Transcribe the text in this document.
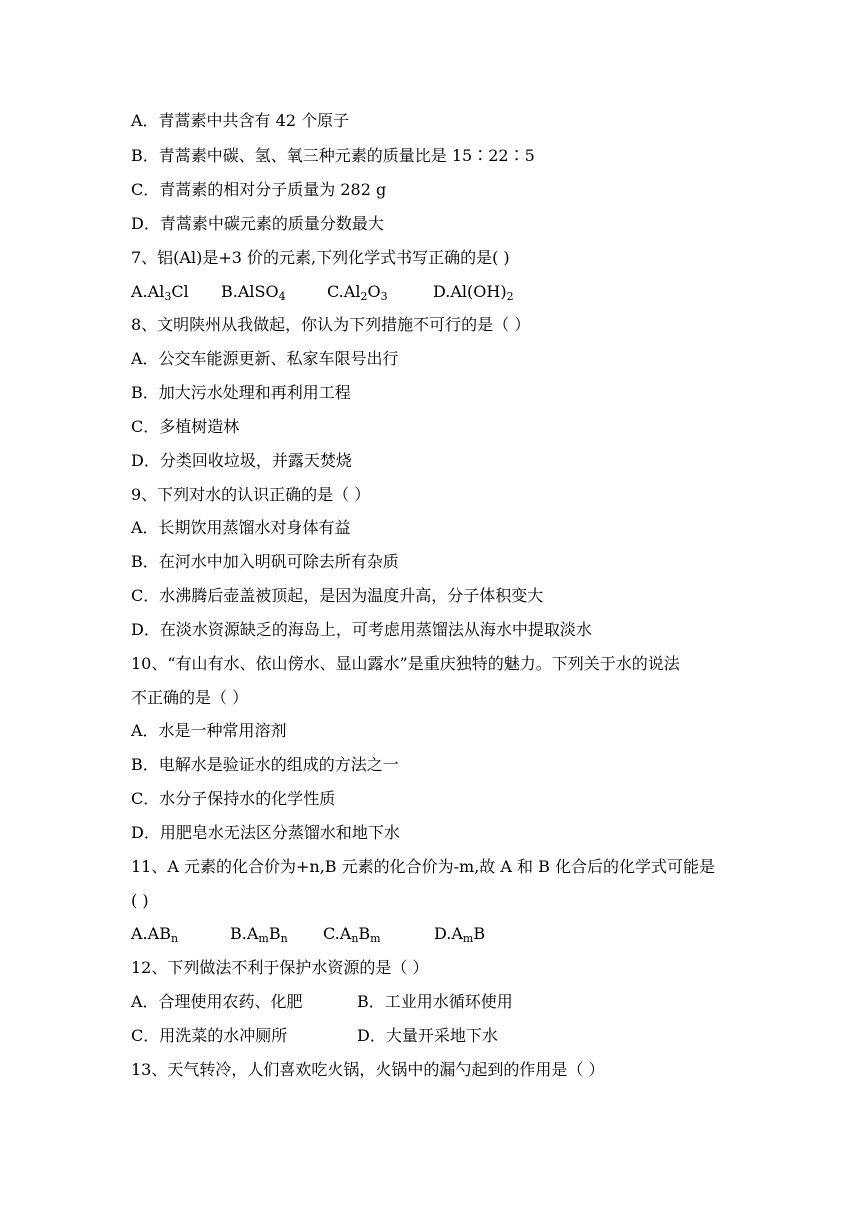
A．青蒿素中共含有 42 个原子
B．青蒿素中碳、氢、氧三种元素的质量比是 15∶22∶5
C．青蒿素的相对分子质量为 282 g
D．青蒿素中碳元素的质量分数最大
7、铝(Al)是+3 价的元素,下列化学式书写正确的是( )
$A.Al_3Cl$ B.AlSO$_4$	$C.Al_2O_3$	$D.Al(OH)_2$
8、文明陕州从我做起，你认为下列措施不可行的是（ ）
A．公交车能源更新、私家车限号出行
B．加大污水处理和再利用工程
C．多植树造林
D．分类回收垃圾，并露天焚烧
9、下列对水的认识正确的是（ ）
A．长期饮用蒸馏水对身体有益
B．在河水中加入明矾可除去所有杂质
C．水沸腾后壶盖被顶起，是因为温度升高，分子体积变大
D．在淡水资源缺乏的海岛上，可考虑用蒸馏法从海水中提取淡水
10、“有山有水、依山傍水、显山露水”是重庆独特的魅力。下列关于水的说法
不正确的是（ ）
A．水是一种常用溶剂
B．电解水是验证水的组成的方法之一
C．水分子保持水的化学性质
D．用肥皂水无法区分蒸馏水和地下水
11、A 元素的化合价为+n,B 元素的化合价为-m,故 A 和 B 化合后的化学式可能是
( )
$A.AB_n$	$B.A_mB_n$ $C.A_nB_m$	$D.A_mB$
12、下列做法不利于保护水资源的是（ ）
A．合理使用农药、化肥	B．工业用水循环使用
C．用洗菜的水冲厕所	D．大量开采地下水
13、天气转冷，人们喜欢吃火锅，火锅中的漏勺起到的作用是（ ）
